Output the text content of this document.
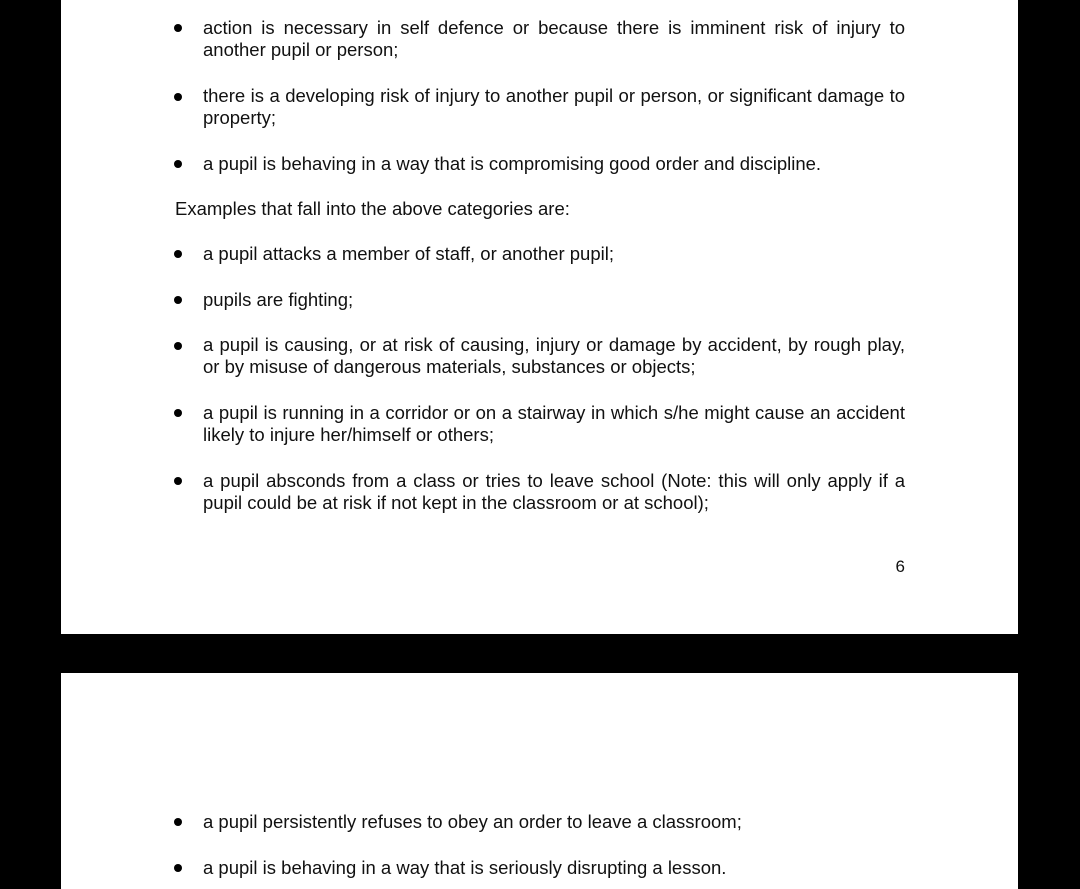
action is necessary in self defence or because there is imminent risk of injury to another pupil or person;
there is a developing risk of injury to another pupil or person, or significant damage to property;
a pupil is behaving in a way that is compromising good order and discipline.
Examples that fall into the above categories are:
a pupil attacks a member of staff, or another pupil;
pupils are fighting;
a pupil is causing, or at risk of causing, injury or damage by accident, by rough play, or by misuse of dangerous materials, substances or objects;
a pupil is running in a corridor or on a stairway in which s/he might cause an accident likely to injure her/himself or others;
a pupil absconds from a class or tries to leave school (Note: this will only apply if a pupil could be at risk if not kept in the classroom or at school);
6
a pupil persistently refuses to obey an order to leave a classroom;
a pupil is behaving in a way that is seriously disrupting a lesson.
